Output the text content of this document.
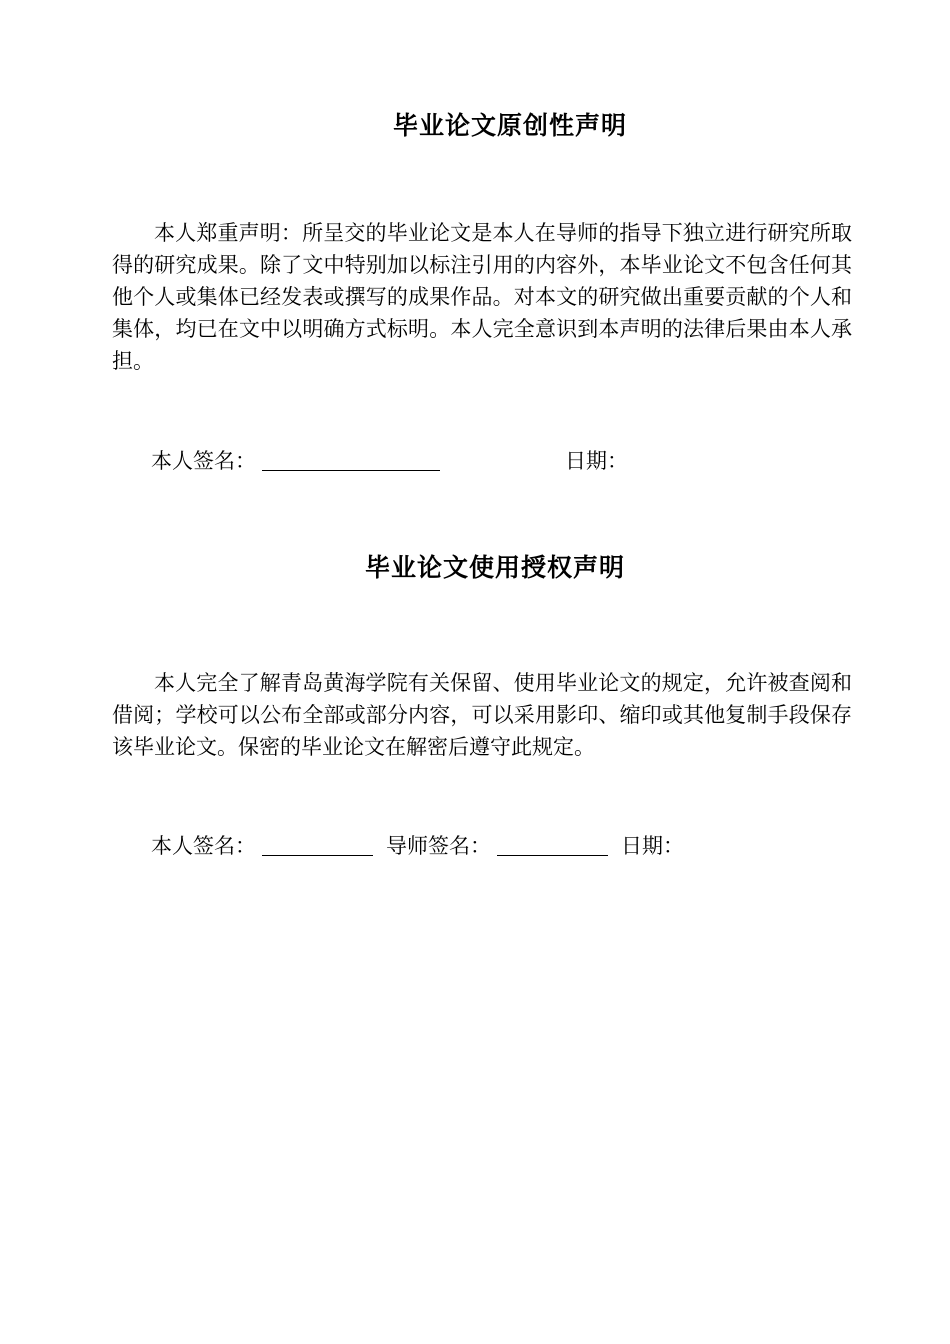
毕业论文原创性声明

本人郑重声明：所呈交的毕业论文是本人在导师的指导下独立进行研究所取得的研究成果。除了文中特别加以标注引用的内容外，本毕业论文不包含任何其他个人或集体已经发表或撰写的成果作品。对本文的研究做出重要贡献的个人和集体，均已在文中以明确方式标明。本人完全意识到本声明的法律后果由本人承担。

本人签名：	日期：
毕业论文使用授权声明

本人完全了解青岛黄海学院有关保留、使用毕业论文的规定，允许被查阅和借阅；学校可以公布全部或部分内容，可以采用影印、缩印或其他复制手段保存该毕业论文。保密的毕业论文在解密后遵守此规定。

本人签名：	导师签名：	日期：
